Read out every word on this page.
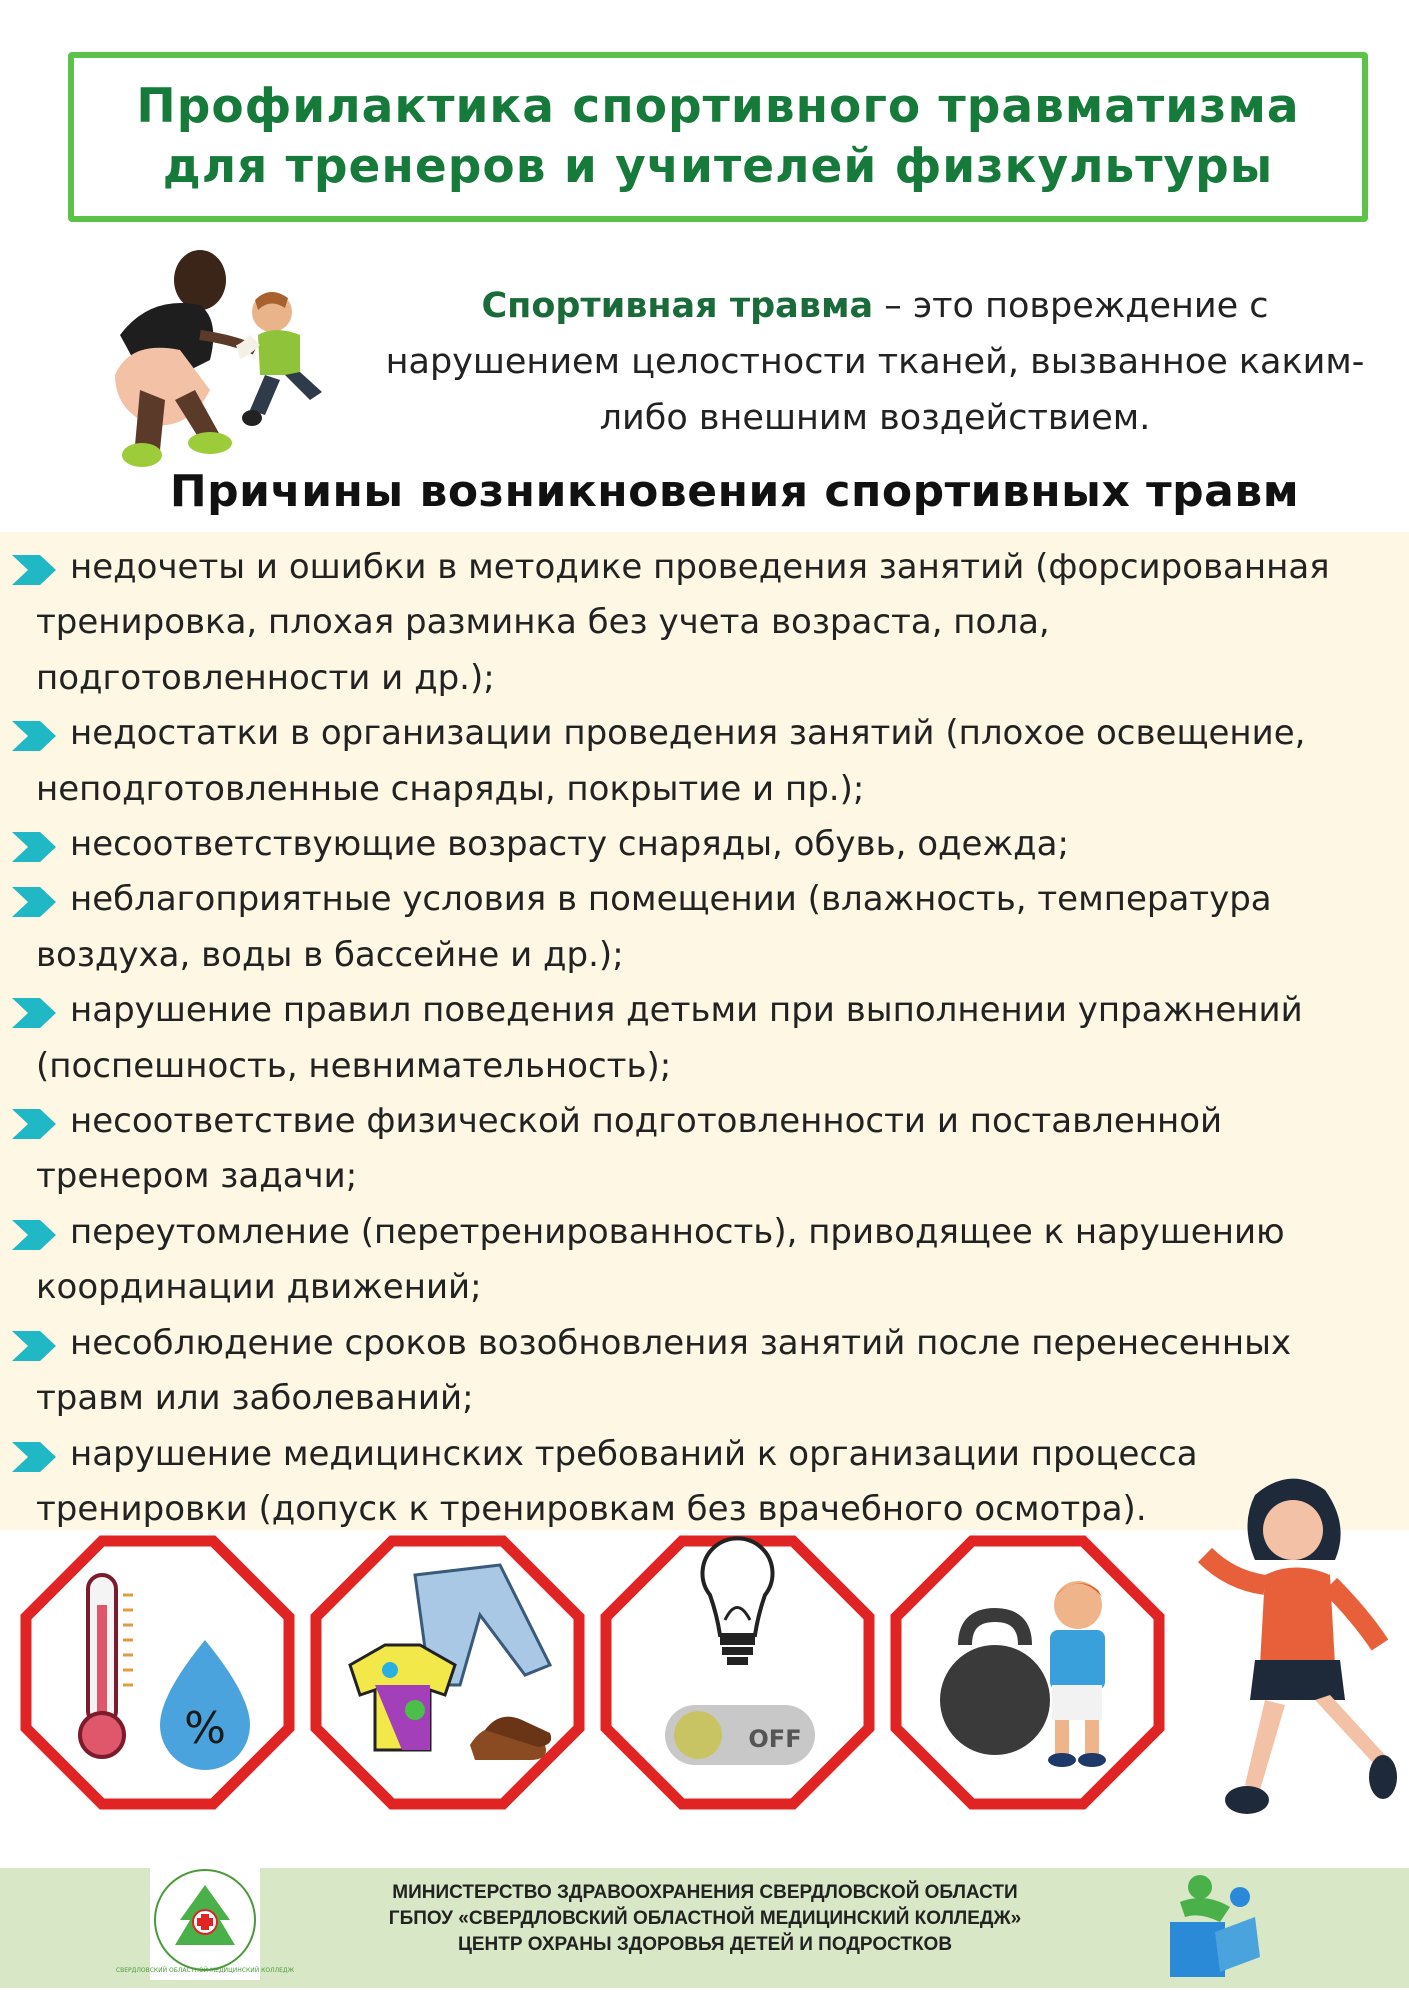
Профилактика спортивного травматизма
для тренеров и учителей физкультуры
Спортивная травма – это повреждение с нарушением целостности тканей, вызванное каким-либо внешним воздействием.
Причины возникновения спортивных травм
недочеты и ошибки в методике проведения занятий (форсированная тренировка, плохая разминка без учета возраста, пола, подготовленности и др.);
недостатки в организации проведения занятий (плохое освещение, неподготовленные снаряды, покрытие и пр.);
несоответствующие возрасту снаряды, обувь, одежда;
неблагоприятные условия в помещении (влажность, температура воздуха, воды в бассейне и др.);
нарушение правил поведения детьми при выполнении упражнений (поспешность, невнимательность);
несоответствие физической подготовленности и поставленной тренером задачи;
переутомление (перетренированность), приводящее к нарушению координации движений;
несоблюдение сроков возобновления занятий после перенесенных травм или заболеваний;
нарушение медицинских требований к организации процесса тренировки (допуск к тренировкам без врачебного осмотра).
%	OFF
СВЕРДЛОВСКИЙ ОБЛАСТНОЙ МЕДИЦИНСКИЙ КОЛЛЕДЖ
МИНИСТЕРСТВО ЗДРАВООХРАНЕНИЯ СВЕРДЛОВСКОЙ ОБЛАСТИ
ГБПОУ «СВЕРДЛОВСКИЙ ОБЛАСТНОЙ МЕДИЦИНСКИЙ КОЛЛЕДЖ»
ЦЕНТР ОХРАНЫ ЗДОРОВЬЯ ДЕТЕЙ И ПОДРОСТКОВ
